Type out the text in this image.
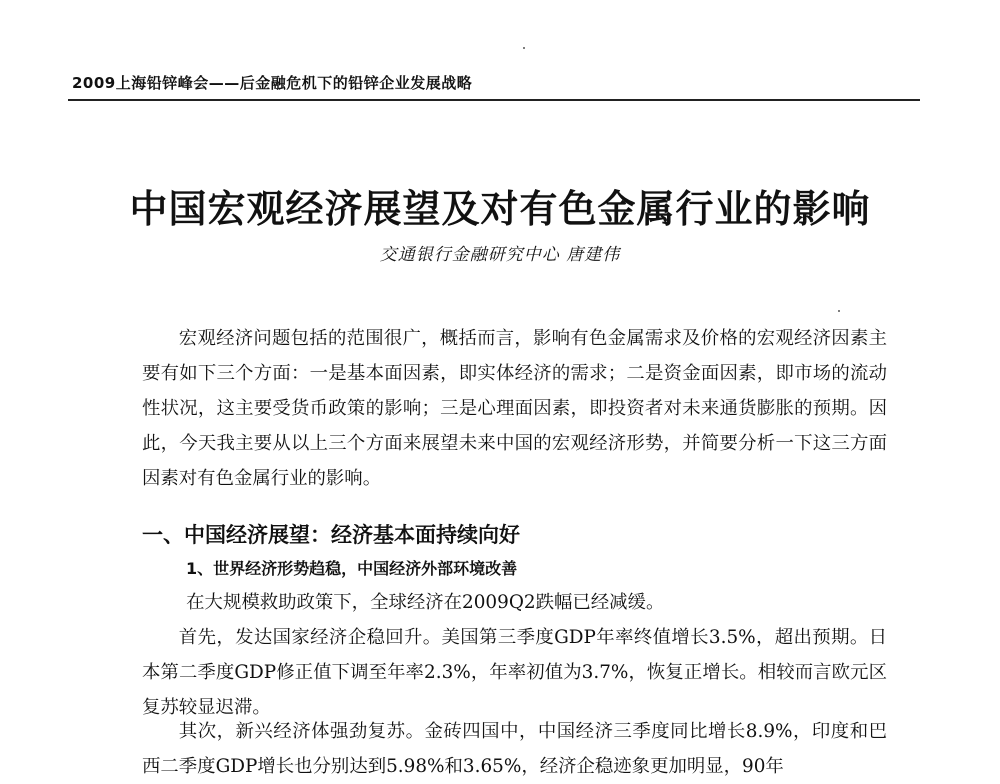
2009上海铅锌峰会——后金融危机下的铅锌企业发展战略
中国宏观经济展望及对有色金属行业的影响
交通银行金融研究中心 唐建伟

宏观经济问题包括的范围很广，概括而言，影响有色金属需求及价格的宏观经济因素主要有如下三个方面：一是基本面因素，即实体经济的需求；二是资金面因素，即市场的流动性状况，这主要受货币政策的影响；三是心理面因素，即投资者对未来通货膨胀的预期。因此，今天我主要从以上三个方面来展望未来中国的宏观经济形势，并简要分析一下这三方面因素对有色金属行业的影响。

一、中国经济展望：经济基本面持续向好
1、世界经济形势趋稳，中国经济外部环境改善

在大规模救助政策下，全球经济在2009Q2跌幅已经减缓。

首先，发达国家经济企稳回升。美国第三季度GDP年率终值增长3.5%，超出预期。日本第二季度GDP修正值下调至年率2.3%，年率初值为3.7%，恢复正增长。相较而言欧元区复苏较显迟滞。

其次，新兴经济体强劲复苏。金砖四国中，中国经济三季度同比增长8.9%，印度和巴西二季度GDP增长也分别达到5.98%和3.65%，经济企稳迹象更加明显，90年
